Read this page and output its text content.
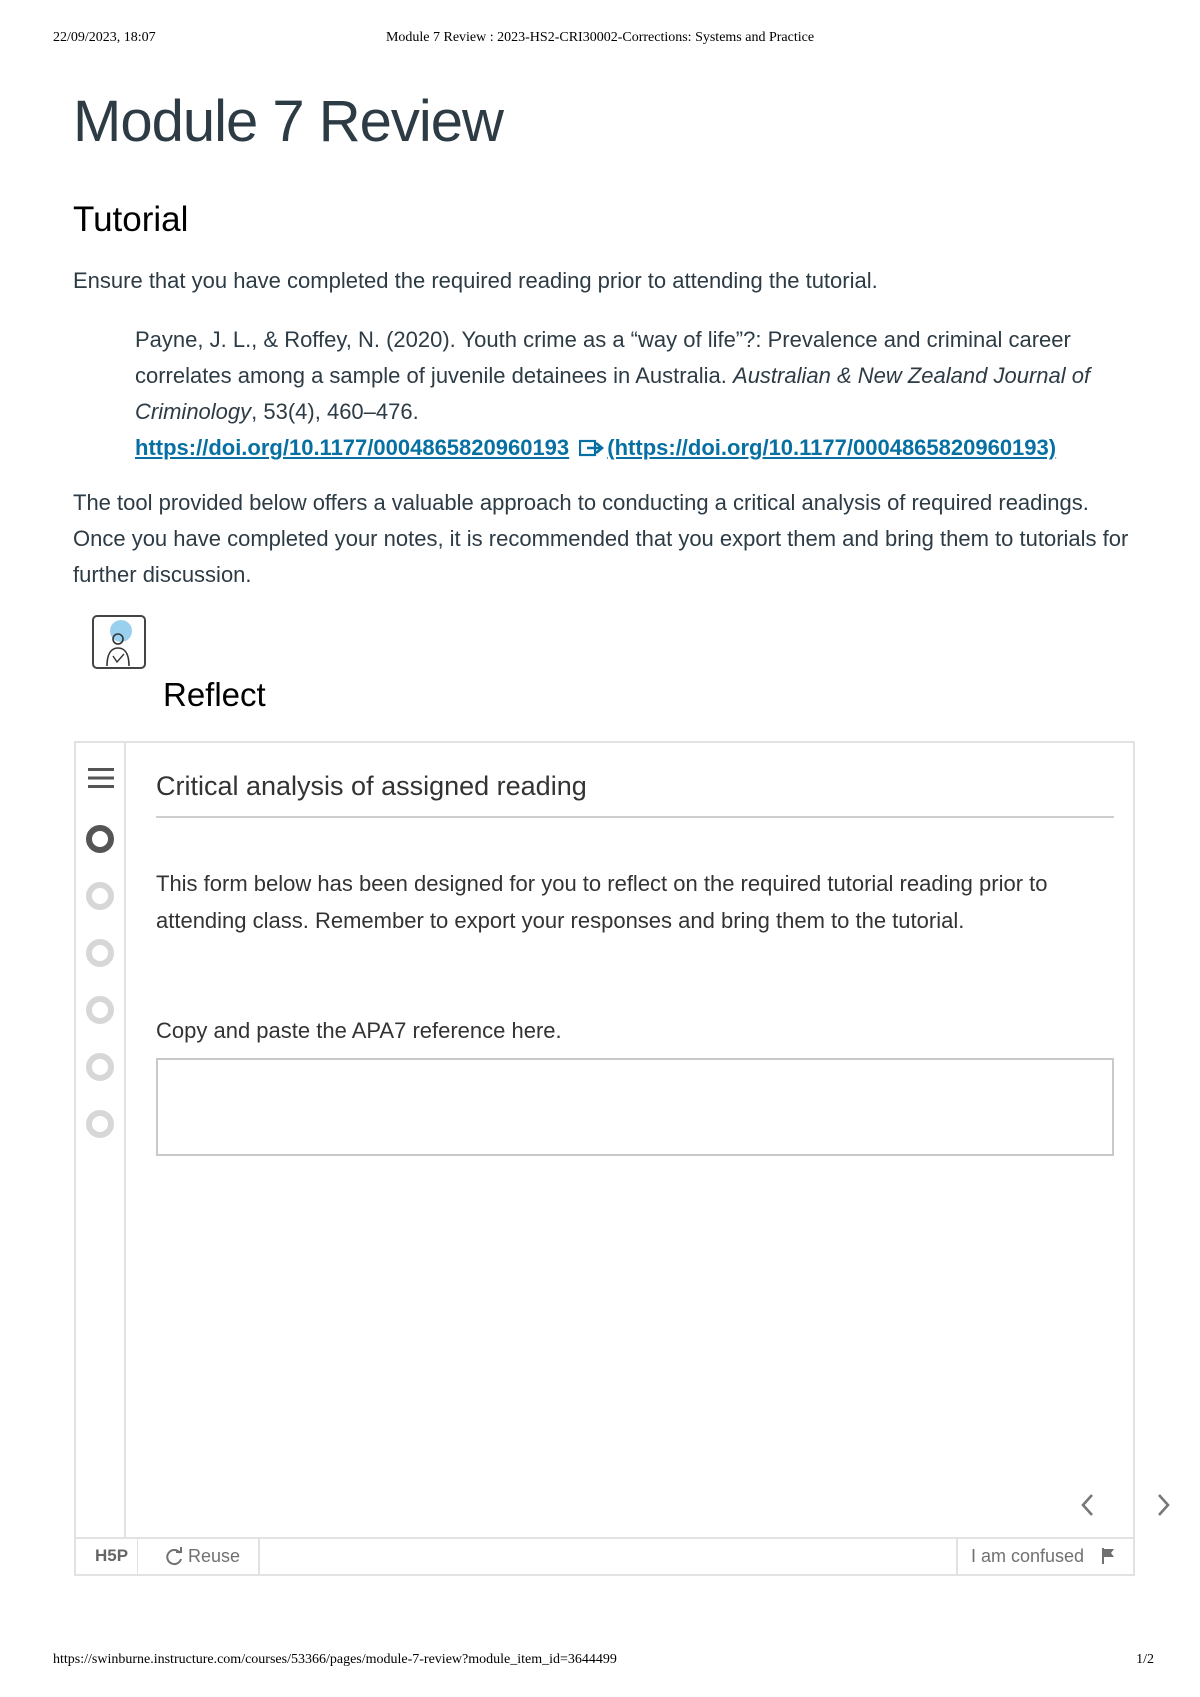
22/09/2023, 18:07	Module 7 Review : 2023-HS2-CRI30002-Corrections: Systems and Practice
Module 7 Review
Tutorial

Ensure that you have completed the required reading prior to attending the tutorial.

Payne, J. L., & Roffey, N. (2020). Youth crime as a “way of life”?: Prevalence and criminal career correlates among a sample of juvenile detainees in Australia. Australian & New Zealand Journal of Criminology, 53(4), 460–476.
https://doi.org/10.1177/0004865820960193 (https://doi.org/10.1177/0004865820960193)

The tool provided below offers a valuable approach to conducting a critical analysis of required readings. Once you have completed your notes, it is recommended that you export them and bring them to tutorials for further discussion.

Reflect
Critical analysis of assigned reading

This form below has been designed for you to reflect on the required tutorial reading prior to attending class. Remember to export your responses and bring them to the tutorial.

Copy and paste the APA7 reference here.

H5P	Reuse	I am confused
https://swinburne.instructure.com/courses/53366/pages/module-7-review?module_item_id=3644499	1/2
